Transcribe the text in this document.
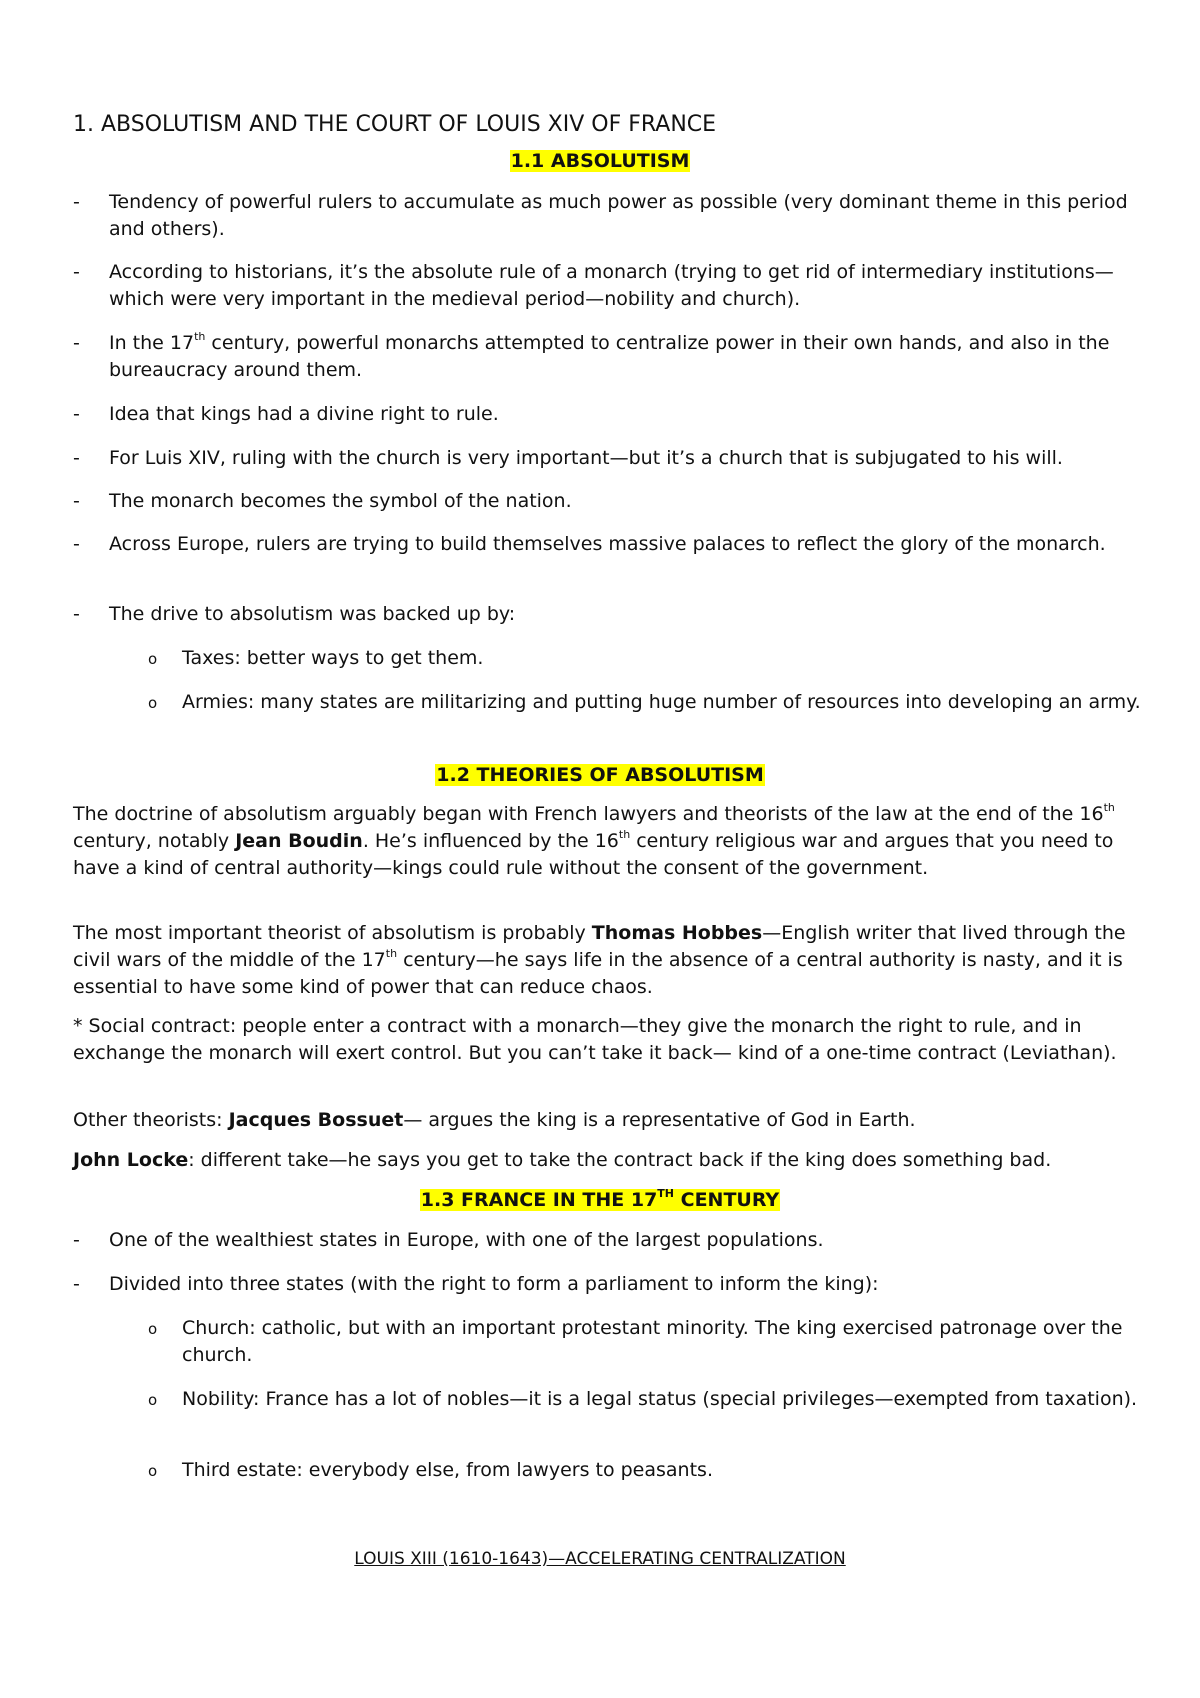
1. ABSOLUTISM AND THE COURT OF LOUIS XIV OF FRANCE
1.1 ABSOLUTISM
- Tendency of powerful rulers to accumulate as much power as possible (very dominant theme in this period and others).
- According to historians, it’s the absolute rule of a monarch (trying to get rid of intermediary institutions—which were very important in the medieval period—nobility and church).
- In the 17th century, powerful monarchs attempted to centralize power in their own hands, and also in the bureaucracy around them.
- Idea that kings had a divine right to rule.
- For Luis XIV, ruling with the church is very important—but it’s a church that is subjugated to his will.
- The monarch becomes the symbol of the nation.
- Across Europe, rulers are trying to build themselves massive palaces to reflect the glory of the monarch.
- The drive to absolutism was backed up by:
o Taxes: better ways to get them.
o Armies: many states are militarizing and putting huge number of resources into developing an army.
1.2 THEORIES OF ABSOLUTISM
The doctrine of absolutism arguably began with French lawyers and theorists of the law at the end of the 16th century, notably Jean Boudin. He’s influenced by the 16th century religious war and argues that you need to have a kind of central authority—kings could rule without the consent of the government.
The most important theorist of absolutism is probably Thomas Hobbes—English writer that lived through the civil wars of the middle of the 17th century—he says life in the absence of a central authority is nasty, and it is essential to have some kind of power that can reduce chaos.
* Social contract: people enter a contract with a monarch—they give the monarch the right to rule, and in exchange the monarch will exert control. But you can’t take it back— kind of a one-time contract (Leviathan).
Other theorists: Jacques Bossuet— argues the king is a representative of God in Earth.
John Locke: different take—he says you get to take the contract back if the king does something bad.
1.3 FRANCE IN THE 17TH CENTURY
- One of the wealthiest states in Europe, with one of the largest populations.
- Divided into three states (with the right to form a parliament to inform the king):
o Church: catholic, but with an important protestant minority. The king exercised patronage over the church.
o Nobility: France has a lot of nobles—it is a legal status (special privileges—exempted from taxation).
o Third estate: everybody else, from lawyers to peasants.
LOUIS XIII (1610-1643)—ACCELERATING CENTRALIZATION
